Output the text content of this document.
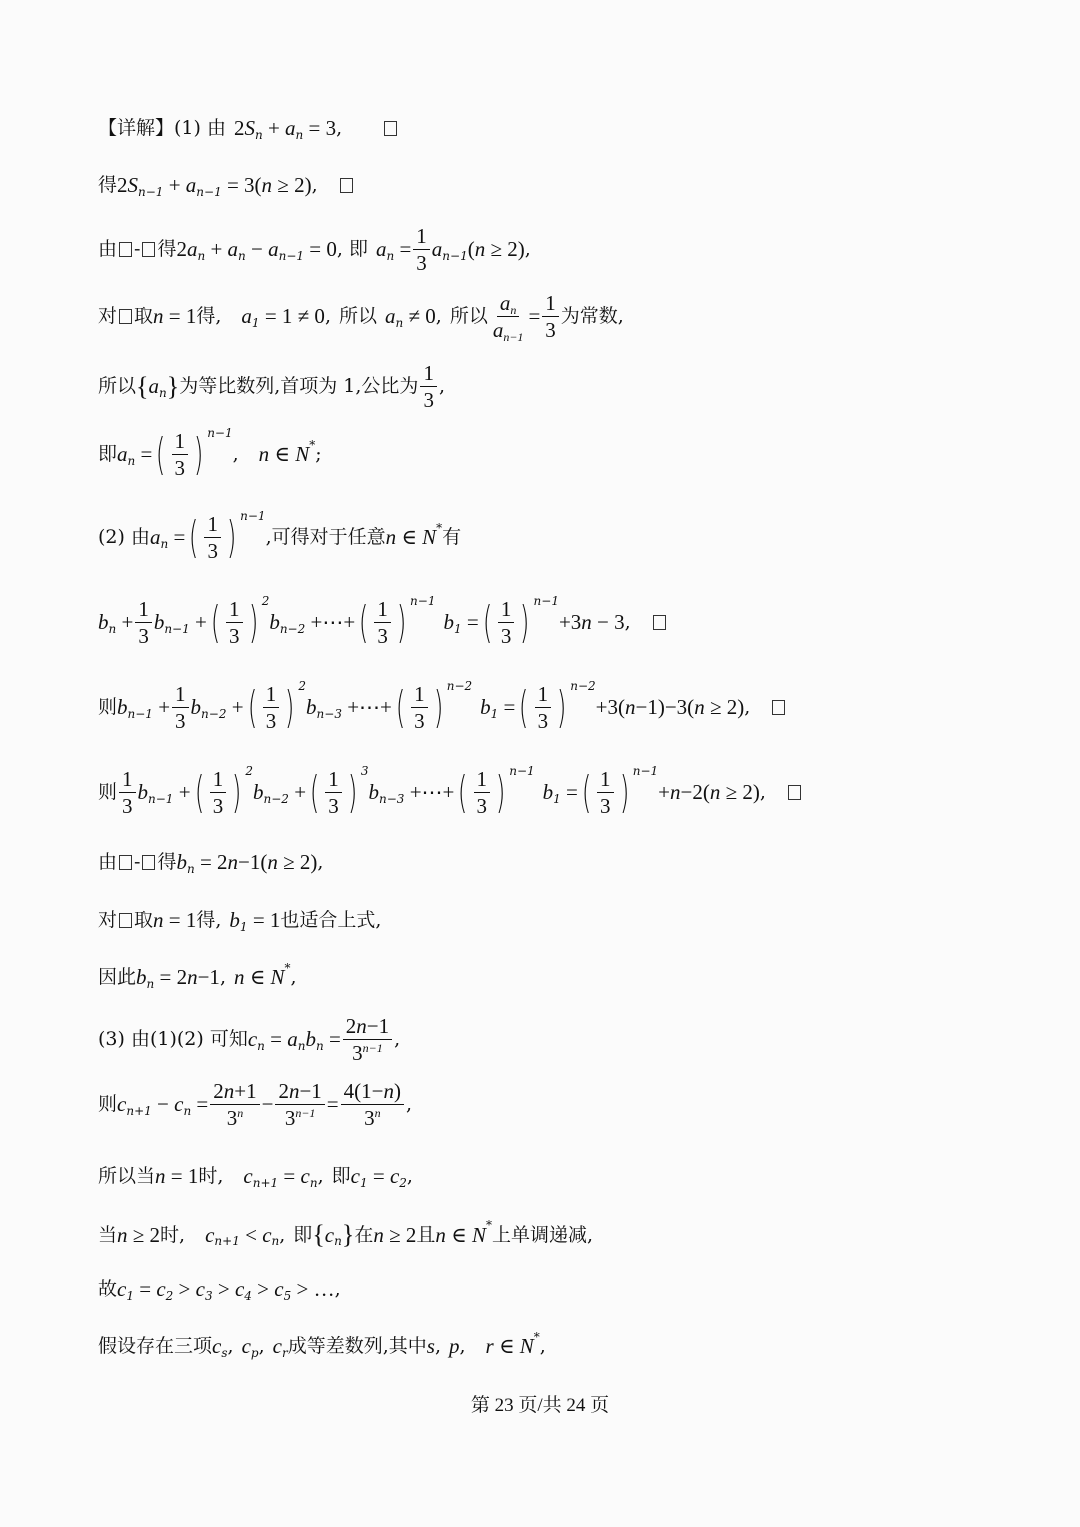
【详解】(1) 由 2 S n + a n = 3 ,
得 2 S n−1 + a n−1 = 3( n ≥ 2) ,
由 - 得 2 a n + a n − a n−1 = 0 , 即 a $n = \frac{1}{3}$ a n−1 ( n ≥ 2) ,
对 取 n = 1 得, a 1 = 1 ≠ 0 , 所以 a n ≠ 0 , 所以 $\frac{an}{an-1} = \frac{1}{3}$ 为常数,
所以 { a n } 为等比数列,首项为 1,公比为 $\frac{1}{3}$ ,
即 a n = ( $\frac{1}{3}$ ) n−1
, n ∈ N * ;
(2) 由 a n = ( $\frac{1}{3}$ ) n−1
,可得对于任意 n ∈ N * 有
b $n + \frac{1}{3}$ b n−1 + ( $\frac{1}{3}$ ) 2
b n−2 +⋯+ ( $\frac{1}{3}$ ) n−1
b 1 = ( $\frac{1}{3}$ ) n−1
+3 n − 3 ,
则 b $n-1 + \frac{1}{3}$ b n−2 + ( $\frac{1}{3}$ ) 2
b n−3 +⋯+ ( $\frac{1}{3}$ ) n−2
b 1 = ( $\frac{1}{3}$ ) n−2
+3( n −1)−3( n ≥ 2) ,
则 $\frac{1}{3}$ b n−1 + ( $\frac{1}{3}$ ) 2
b n−2 + ( $\frac{1}{3}$ ) 3
b n−3 +⋯+ ( $\frac{1}{3}$ ) n−1
b 1 = ( $\frac{1}{3}$ ) n−1
+ n −2( n ≥ 2) ,
由 - 得 b n = 2 n −1( n ≥ 2) ,
对 取 n = 1 得, b 1 = 1 也适合上式,
因此 b n = 2 n −1 , n ∈ N * ,
(3) 由(1)(2) 可知 c n = a n b $n = \frac{2n-1}{3^{n-1}}$ ,
则 c n+1 − c $n = \frac{2n+1}{3^n} - \frac{2n-1}{3^{n-1}} = \frac{4(1-n)}{3^n}$ ,
所以当 n = 1 时, c n+1 = c n , 即 c 1 = c 2 ,
当 n ≥ 2 时, c n+1 < c n , 即 { c n } 在 n ≥ 2 且 n ∈ N * 上单调递减,
故 c 1 = c 2 > c 3 > c 4 > c 5 > … ,
假设存在三项 c s , c p , c r 成等差数列,其中 s , p , r ∈ N * ,
第 23 页/共 24 页
